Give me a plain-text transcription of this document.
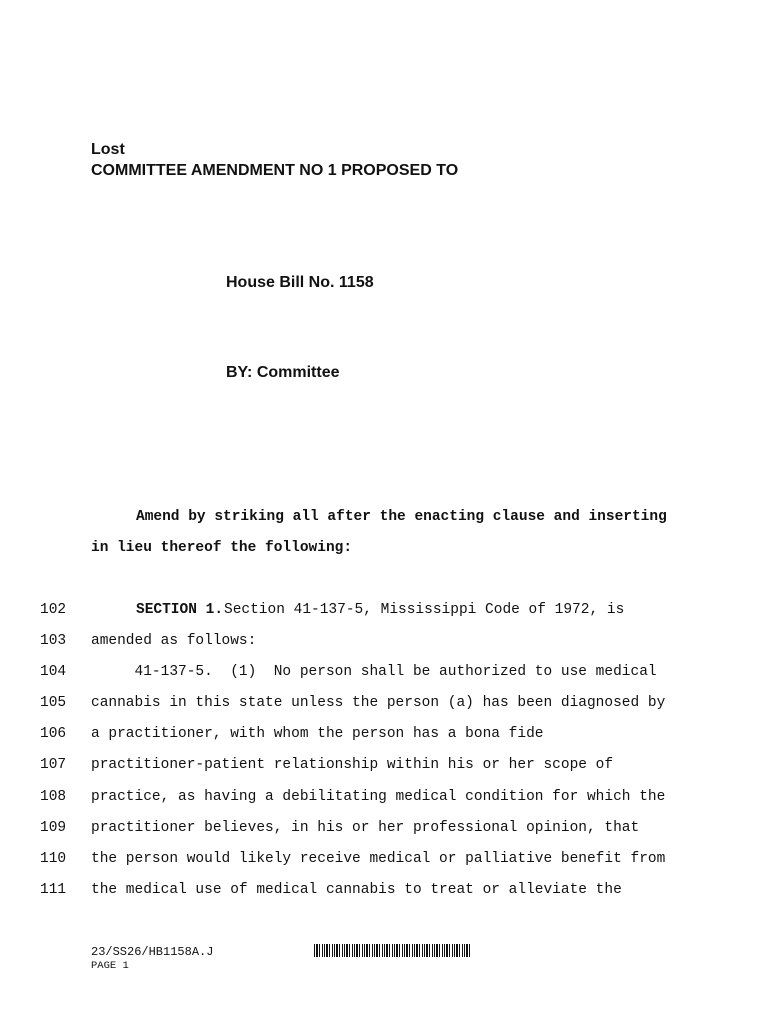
Lost
COMMITTEE AMENDMENT NO 1 PROPOSED TO
House Bill No. 1158
BY: Committee
Amend by striking all after the enacting clause and inserting
in lieu thereof the following:
102	SECTION 1. Section 41-137-5, Mississippi Code of 1972, is
103 amended as follows:
104 41-137-5.  (1)  No person shall be authorized to use medical
105 cannabis in this state unless the person (a) has been diagnosed by
106 a practitioner, with whom the person has a bona fide
107 practitioner-patient relationship within his or her scope of
108 practice, as having a debilitating medical condition for which the
109 practitioner believes, in his or her professional opinion, that
110 the person would likely receive medical or palliative benefit from
111 the medical use of medical cannabis to treat or alleviate the
23/SS26/HB1158A.J
PAGE 1
